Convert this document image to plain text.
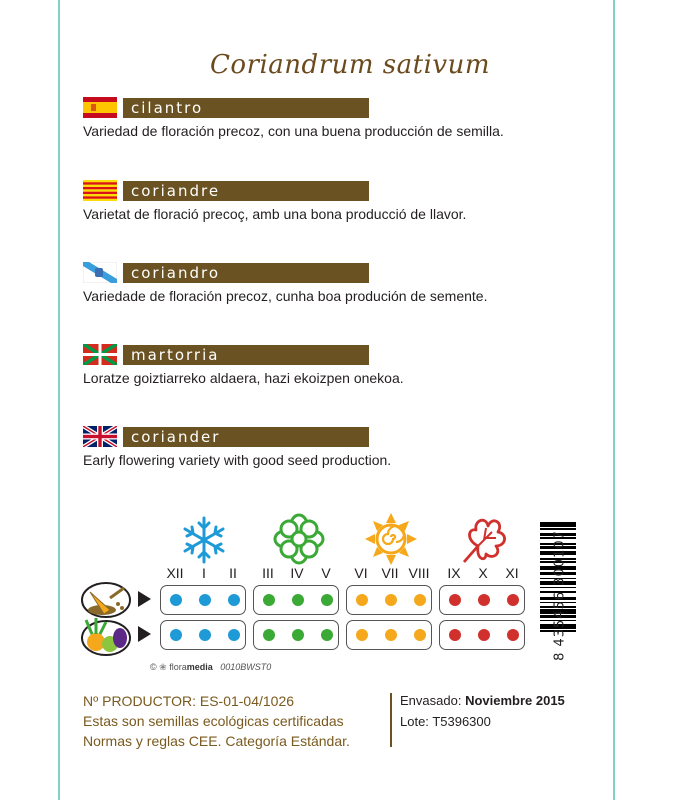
Coriandrum sativum
cilantro
Variedad de floración precoz, con una buena producción de semilla.
coriandre
Varietat de floració precoç, amb una bona producció de llavor.
coriandro
Variedade de floración precoz, cunha boa produción de semente.
martorria
Loratze goiztiarreko aldaera, hazi ekoizpen onekoa.
coriander
Early flowering variety with good seed production.
XII	I	II	III	IV	V	VI VII VIII	IX	X	XI	8 435456 300107
© ❀ floramedia 0010BWST0
Nº PRODUCTOR: ES-01-04/1026
Estas son semillas ecológicas certificadas
Normas y reglas CEE. Categoría Estándar.
Envasado: Noviembre 2015
Lote: T5396300
